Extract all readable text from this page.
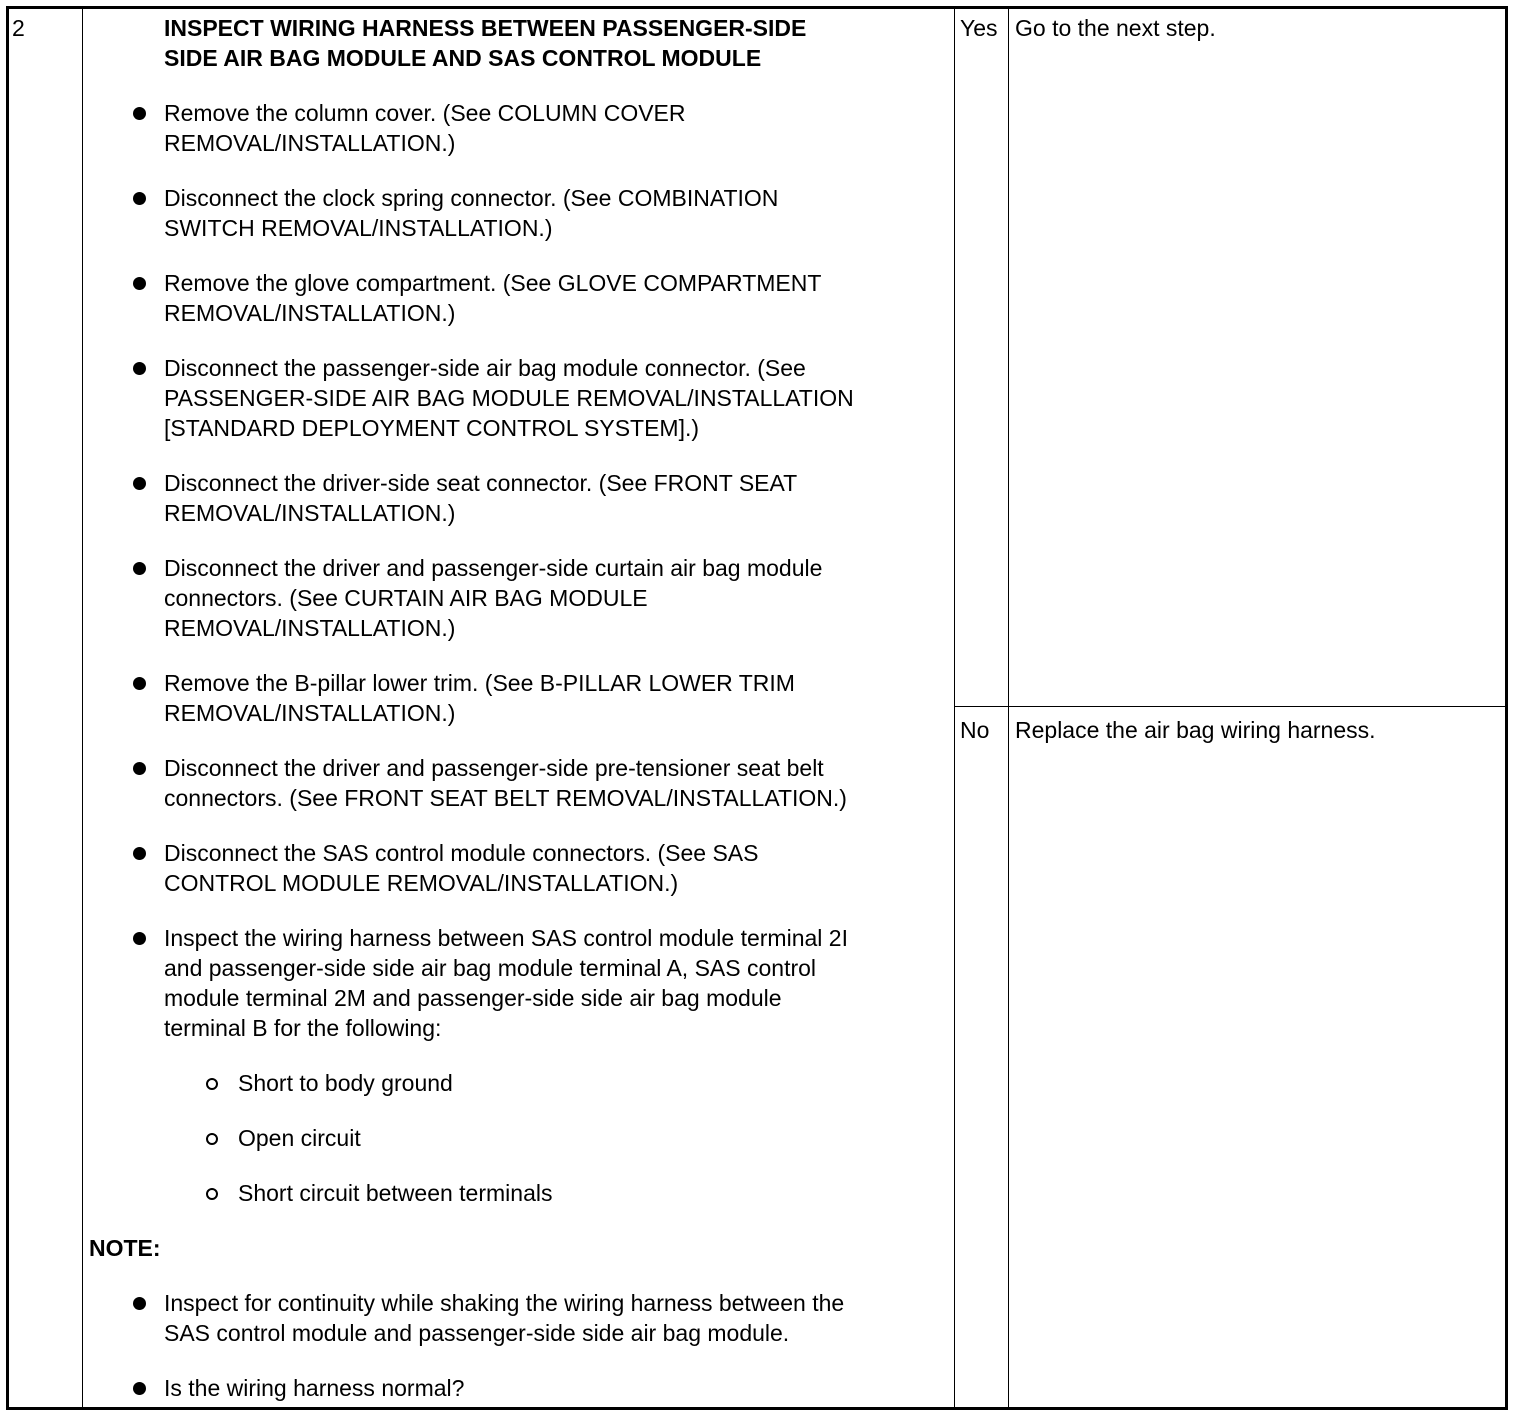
2	INSPECT WIRING HARNESS BETWEEN PASSENGER-SIDE
SIDE AIR BAG MODULE AND SAS CONTROL MODULE
Remove the column cover. (See COLUMN COVER
REMOVAL/INSTALLATION.)
Disconnect the clock spring connector. (See COMBINATION
SWITCH REMOVAL/INSTALLATION.)
Remove the glove compartment. (See GLOVE COMPARTMENT
REMOVAL/INSTALLATION.)
Disconnect the passenger-side air bag module connector. (See
PASSENGER-SIDE AIR BAG MODULE REMOVAL/INSTALLATION
[STANDARD DEPLOYMENT CONTROL SYSTEM].)
Disconnect the driver-side seat connector. (See FRONT SEAT
REMOVAL/INSTALLATION.)
Disconnect the driver and passenger-side curtain air bag module
connectors. (See CURTAIN AIR BAG MODULE
REMOVAL/INSTALLATION.)
Remove the B-pillar lower trim. (See B-PILLAR LOWER TRIM
REMOVAL/INSTALLATION.)
Disconnect the driver and passenger-side pre-tensioner seat belt
connectors. (See FRONT SEAT BELT REMOVAL/INSTALLATION.)
Disconnect the SAS control module connectors. (See SAS
CONTROL MODULE REMOVAL/INSTALLATION.)
Inspect the wiring harness between SAS control module terminal 2I
and passenger-side side air bag module terminal A, SAS control
module terminal 2M and passenger-side side air bag module
terminal B for the following:
Short to body ground
Open circuit
Short circuit between terminals
NOTE:
Inspect for continuity while shaking the wiring harness between the
SAS control module and passenger-side side air bag module.
Is the wiring harness normal?
Yes Go to the next step.
No Replace the air bag wiring harness.
